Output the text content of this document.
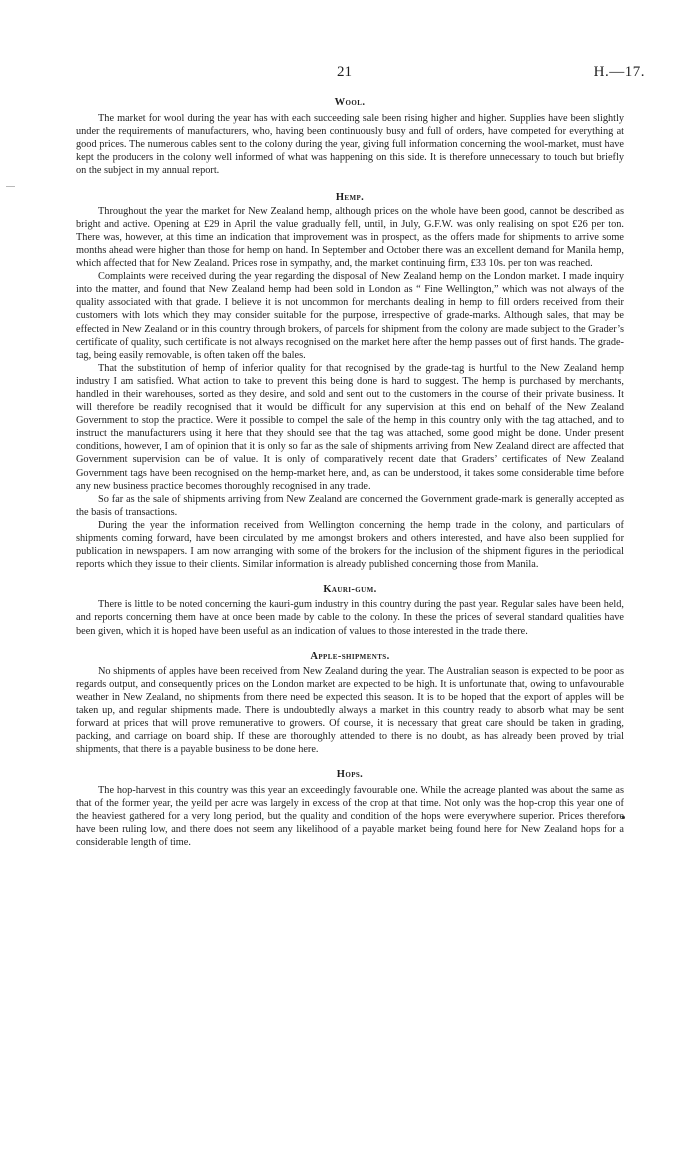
21	H.—17.
Wool.

The market for wool during the year has with each succeeding sale been rising higher and higher. Supplies have been slightly under the requirements of manufacturers, who, having been continuously busy and full of orders, have competed for everything at good prices. The numerous cables sent to the colony during the year, giving full information concerning the wool-market, must have kept the producers in the colony well informed of what was happening on this side. It is therefore unnecessary to touch but briefly on the subject in my annual report.

Hemp.

Throughout the year the market for New Zealand hemp, although prices on the whole have been good, cannot be described as bright and active. Opening at £29 in April the value gradually fell, until, in July, G.F.W. was only realising on spot £26 per ton. There was, however, at this time an indication that improvement was in prospect, as the offers made for shipments to arrive some months ahead were higher than those for hemp on hand. In September and October there was an excellent demand for Manila hemp, which affected that for New Zealand. Prices rose in sympathy, and, the market continuing firm, £33 10s. per ton was reached.

Complaints were received during the year regarding the disposal of New Zealand hemp on the London market. I made inquiry into the matter, and found that New Zealand hemp had been sold in London as “ Fine Wellington,” which was not always of the quality associated with that grade. I believe it is not uncommon for merchants dealing in hemp to fill orders received from their customers with lots which they may consider suitable for the purpose, irrespective of grade-marks. Although sales, that may be effected in New Zealand or in this country through brokers, of parcels for shipment from the colony are made subject to the Grader’s certificate of quality, such certificate is not always recognised on the market here after the hemp passes out of first hands. The grade-tag, being easily removable, is often taken off the bales.

That the substitution of hemp of inferior quality for that recognised by the grade-tag is hurtful to the New Zealand hemp industry I am satisfied. What action to take to prevent this being done is hard to suggest. The hemp is purchased by merchants, handled in their warehouses, sorted as they desire, and sold and sent out to the customers in the course of their private business. It will therefore be readily recognised that it would be difficult for any supervision at this end on behalf of the New Zealand Government to stop the practice. Were it possible to compel the sale of the hemp in this country only with the tag attached, and to instruct the manufacturers using it here that they should see that the tag was attached, some good might be done. Under present conditions, however, I am of opinion that it is only so far as the sale of shipments arriving from New Zealand direct are affected that Government supervision can be of value. It is only of comparatively recent date that Graders’ certificates of New Zealand Government tags have been recognised on the hemp-market here, and, as can be understood, it takes some considerable time before any new business practice becomes thoroughly recognised in any trade.

So far as the sale of shipments arriving from New Zealand are concerned the Government grade-mark is generally accepted as the basis of transactions.

During the year the information received from Wellington concerning the hemp trade in the colony, and particulars of shipments coming forward, have been circulated by me amongst brokers and others interested, and have also been supplied for publication in newspapers. I am now arranging with some of the brokers for the inclusion of the shipment figures in the periodical reports which they issue to their clients. Similar information is already published concerning those from Manila.

Kauri-gum.

There is little to be noted concerning the kauri-gum industry in this country during the past year. Regular sales have been held, and reports concerning them have at once been made by cable to the colony. In these the prices of several standard qualities have been given, which it is hoped have been useful as an indication of values to those interested in the trade there.

Apple-shipments.

No shipments of apples have been received from New Zealand during the year. The Australian season is expected to be poor as regards output, and consequently prices on the London market are expected to be high. It is unfortunate that, owing to unfavourable weather in New Zealand, no shipments from there need be expected this season. It is to be hoped that the export of apples will be taken up, and regular shipments made. There is undoubtedly always a market in this country ready to absorb what may be sent forward at prices that will prove remunerative to growers. Of course, it is necessary that great care should be taken in grading, packing, and carriage on board ship. If these are thoroughly attended to there is no doubt, as has already been proved by trial shipments, that there is a payable business to be done here.

Hops.

The hop-harvest in this country was this year an exceedingly favourable one. While the acreage planted was about the same as that of the former year, the yeild per acre was largely in excess of the crop at that time. Not only was the hop-crop this year one of the heaviest gathered for a very long period, but the quality and condition of the hops were everywhere superior. Prices therefore have been ruling low, and there does not seem any likelihood of a payable market being found here for New Zealand hops for a considerable length of time.
